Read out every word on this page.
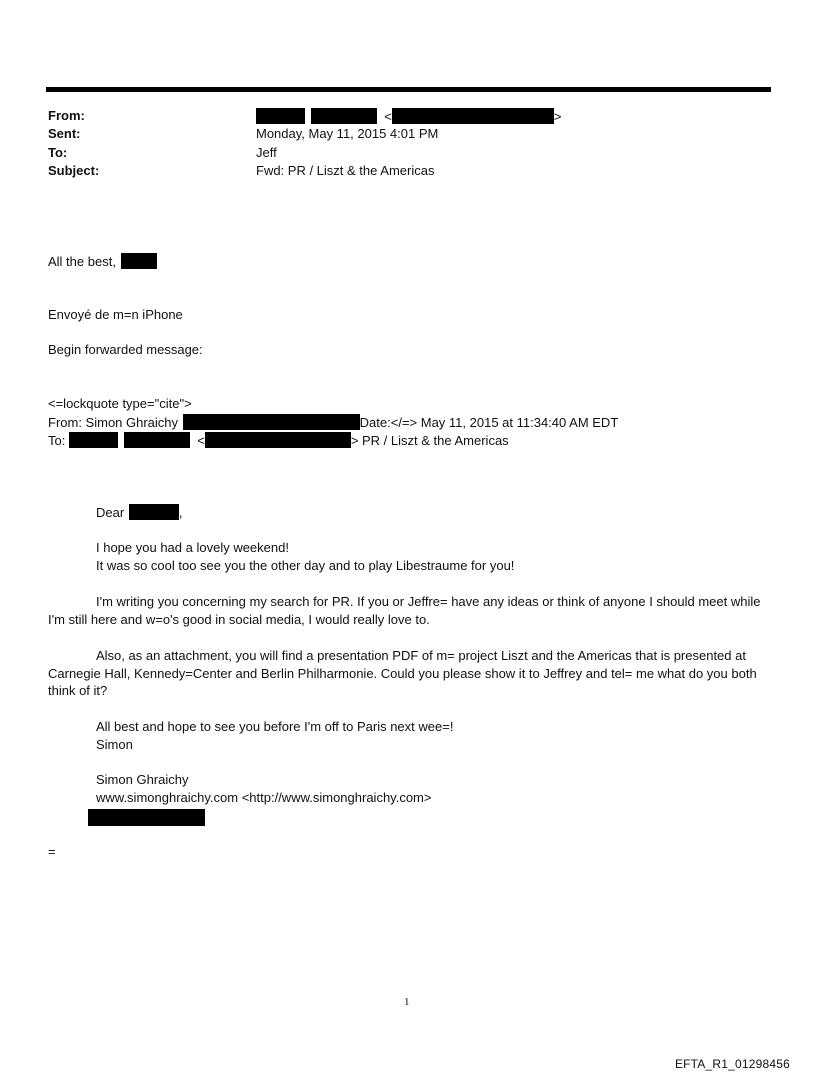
From:	<	>
Sent:	Monday, May 11, 2015 4:01 PM
To:	Jeff
Subject:	Fwd: PR / Liszt & the Americas
All the best,
Envoyé de m=n iPhone
Begin forwarded message:
<=lockquote type="cite">
From: Simon Ghraichy	Date:</=> May 11, 2015 at 11:34:40 AM EDT
To:	<	> PR / Liszt & the Americas
Dear	,
I hope you had a lovely weekend!
It was so cool too see you the other day and to play Libestraume for you!
I'm writing you concerning my search for PR. If you or Jeffre= have any ideas or think of anyone I should meet while I'm still here and w=o's good in social media, I would really love to.
Also, as an attachment, you will find a presentation PDF of m= project Liszt and the Americas that is presented at Carnegie Hall, Kennedy=Center and Berlin Philharmonie. Could you please show it to Jeffrey and tel= me what do you both think of it?
All best and hope to see you before I'm off to Paris next wee=!
Simon
Simon Ghraichy
www.simonghraichy.com <http://www.simonghraichy.com>
=
1
EFTA_R1_01298456
